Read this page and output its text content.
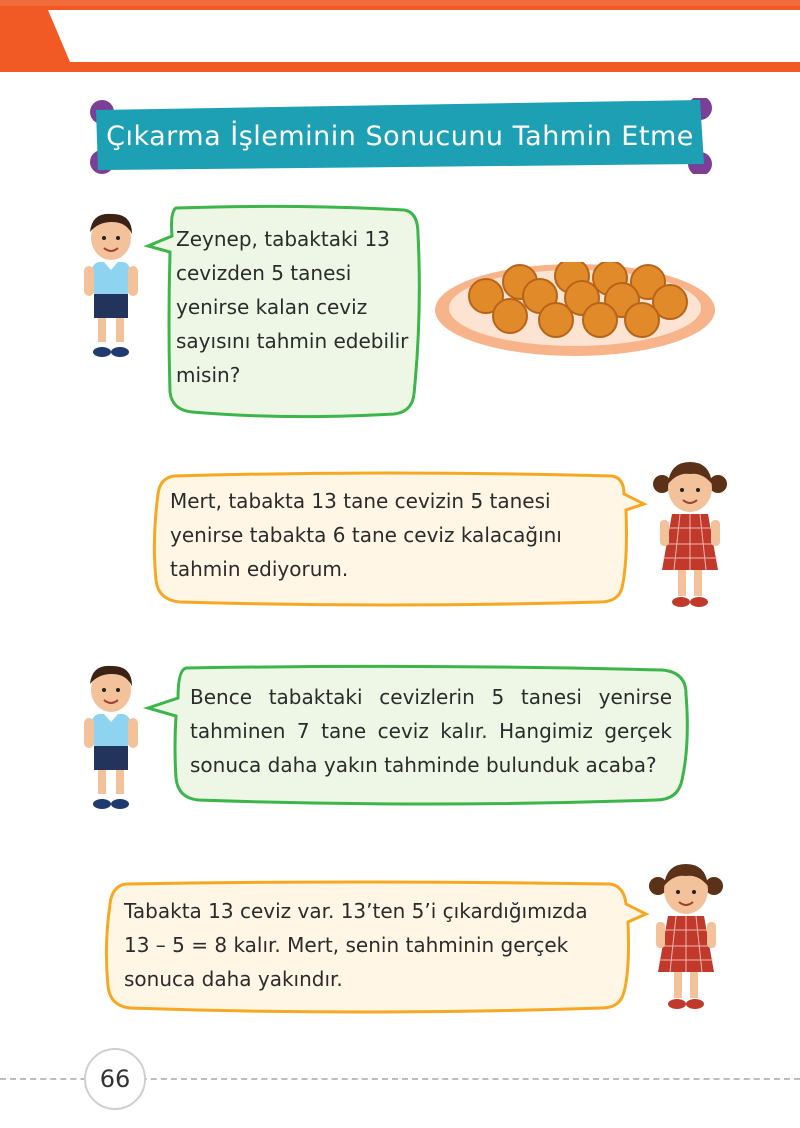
Çıkarma İşleminin Sonucunu Tahmin Etme
Zeynep, tabaktaki 13 cevizden 5 tanesi yenirse kalan ceviz sayısını tahmin edebilir misin?
Mert, tabakta 13 tane cevizin 5 tanesi yenirse tabakta 6 tane ceviz kalacağını tahmin ediyorum.
Bence tabaktaki cevizlerin 5 tanesi yenirse tahminen 7 tane ceviz kalır. Hangimiz gerçek sonuca daha yakın tahminde bulunduk acaba?
Tabakta 13 ceviz var. 13’ten 5’i çıkardığımızda 13 – 5 = 8 kalır. Mert, senin tahminin gerçek sonuca daha yakındır.
66
